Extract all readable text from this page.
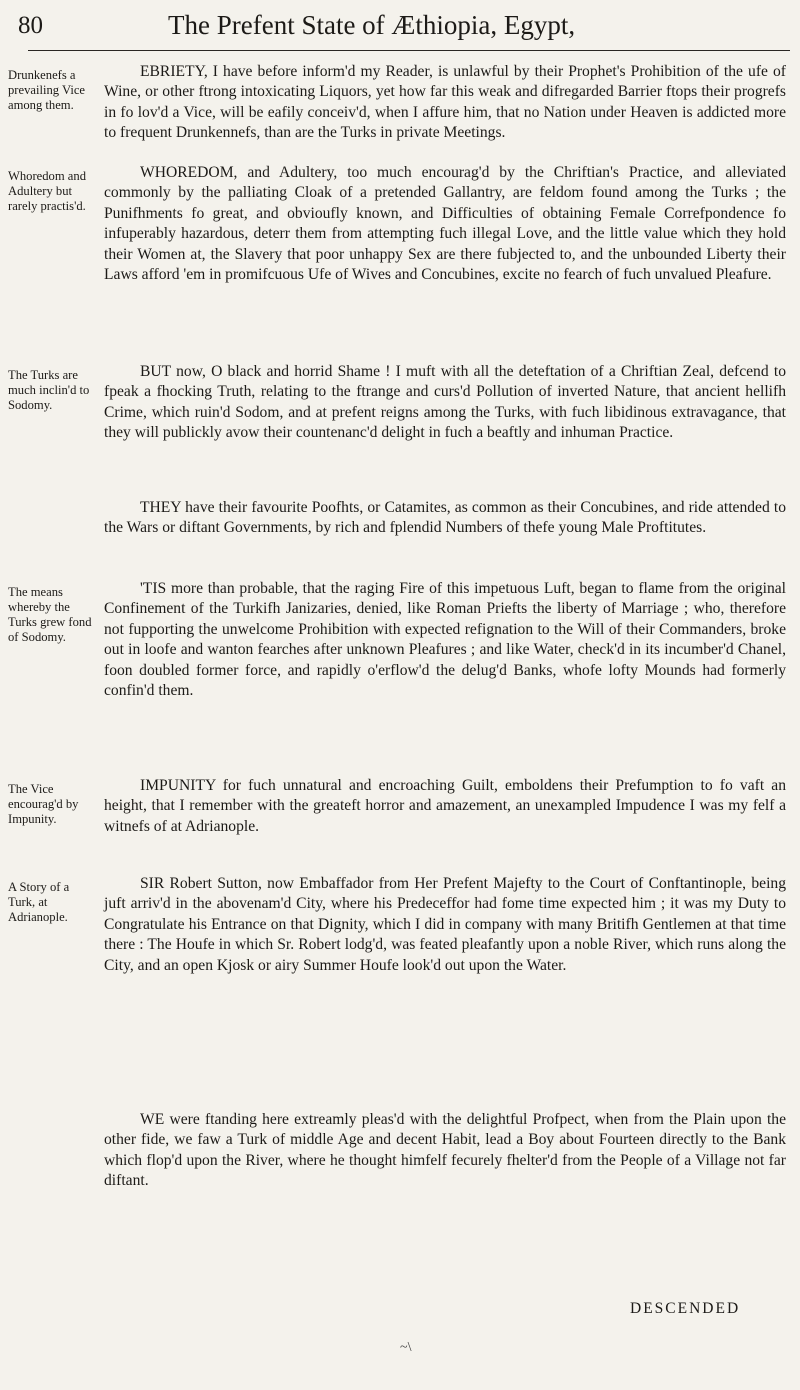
80	The Prefent State of Æthiopia, Egypt,
Drunkenefs a prevailing Vice among them.

EBRIETY, I have before inform'd my Reader, is unlawful by their Prophet's Prohibition of the ufe of Wine, or other ftrong intoxicating Liquors, yet how far this weak and difregarded Barrier ftops their progrefs in fo lov'd a Vice, will be eafily conceiv'd, when I affure him, that no Nation under Heaven is addicted more to frequent Drunkennefs, than are the Turks in private Meetings.

Whoredom and Adultery but rarely practis'd.

WHOREDOM, and Adultery, too much encourag'd by the Chriftian's Practice, and alleviated commonly by the palliating Cloak of a pretended Gallantry, are feldom found among the Turks ; the Punifhments fo great, and obvioufly known, and Difficulties of obtaining Female Correfpondence fo infuperably hazardous, deterr them from attempting fuch illegal Love, and the little value which they hold their Women at, the Slavery that poor unhappy Sex are there fubjected to, and the unbounded Liberty their Laws afford 'em in promifcuous Ufe of Wives and Concubines, excite no fearch of fuch unvalued Pleafure.

The Turks are much inclin'd to Sodomy.

BUT now, O black and horrid Shame ! I muft with all the deteftation of a Chriftian Zeal, defcend to fpeak a fhocking Truth, relating to the ftrange and curs'd Pollution of inverted Nature, that ancient hellifh Crime, which ruin'd Sodom, and at prefent reigns among the Turks, with fuch libidinous extravagance, that they will publickly avow their countenanc'd delight in fuch a beaftly and inhuman Practice.

THEY have their favourite Poofhts, or Catamites, as common as their Concubines, and ride attended to the Wars or diftant Governments, by rich and fplendid Numbers of thefe young Male Proftitutes.

The means whereby the Turks grew fond of Sodomy.

'TIS more than probable, that the raging Fire of this impetuous Luft, began to flame from the original Confinement of the Turkifh Janizaries, denied, like Roman Priefts the liberty of Marriage ; who, therefore not fupporting the unwelcome Prohibition with expected refignation to the Will of their Commanders, broke out in loofe and wanton fearches after unknown Pleafures ; and like Water, check'd in its incumber'd Chanel, foon doubled former force, and rapidly o'erflow'd the delug'd Banks, whofe lofty Mounds had formerly confin'd them.

The Vice encourag'd by Impunity.

IMPUNITY for fuch unnatural and encroaching Guilt, emboldens their Prefumption to fo vaft an height, that I remember with the greateft horror and amazement, an unexampled Impudence I was my felf a witnefs of at Adrianople.

A Story of a Turk, at Adrianople.

SIR Robert Sutton, now Embaffador from Her Prefent Majefty to the Court of Conftantinople, being juft arriv'd in the abovenam'd City, where his Predeceffor had fome time expected him ; it was my Duty to Congratulate his Entrance on that Dignity, which I did in company with many Britifh Gentlemen at that time there : The Houfe in which Sr. Robert lodg'd, was feated pleafantly upon a noble River, which runs along the City, and an open Kjosk or airy Summer Houfe look'd out upon the Water.

WE were ftanding here extreamly pleas'd with the delightful Profpect, when from the Plain upon the other fide, we faw a Turk of middle Age and decent Habit, lead a Boy about Fourteen directly to the Bank which flop'd upon the River, where he thought himfelf fecurely fhelter'd from the People of a Village not far diftant.

DESCENDED
~\
